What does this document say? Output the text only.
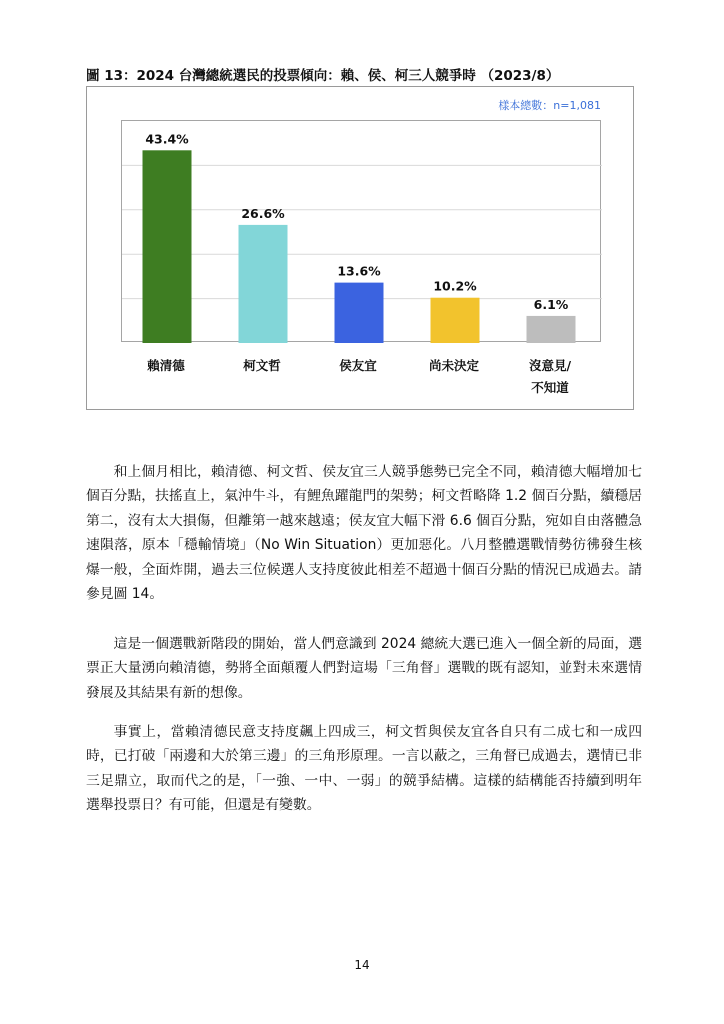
圖 13：2024 台灣總統選民的投票傾向：賴、侯、柯三人競爭時 （2023/8）
樣本總數：n=1,081
43.4%
26.6%
13.6%
10.2%
6.1%
賴清德	柯文哲	侯友宜	尚未決定	沒意見/
不知道

和上個月相比，賴清德、柯文哲、侯友宜三人競爭態勢已完全不同，賴清德大幅增加七個百分點，扶搖直上，氣沖牛斗，有鯉魚躍龍門的架勢；柯文哲略降 1.2 個百分點，續穩居第二，沒有太大損傷，但離第一越來越遠；侯友宜大幅下滑 6.6 個百分點，宛如自由落體急速隕落，原本「穩輸情境」（No Win Situation）更加惡化。八月整體選戰情勢彷彿發生核爆一般，全面炸開，過去三位候選人支持度彼此相差不超過十個百分點的情況已成過去。請參見圖 14。

這是一個選戰新階段的開始，當人們意識到 2024 總統大選已進入一個全新的局面，選票正大量湧向賴清德，勢將全面顛覆人們對這場「三角督」選戰的既有認知，並對未來選情發展及其結果有新的想像。

事實上，當賴清德民意支持度飆上四成三，柯文哲與侯友宜各自只有二成七和一成四時，已打破「兩邊和大於第三邊」的三角形原理。一言以蔽之，三角督已成過去，選情已非三足鼎立，取而代之的是，「一強、一中、一弱」的競爭結構。這樣的結構能否持續到明年選舉投票日？有可能，但還是有變數。

14
